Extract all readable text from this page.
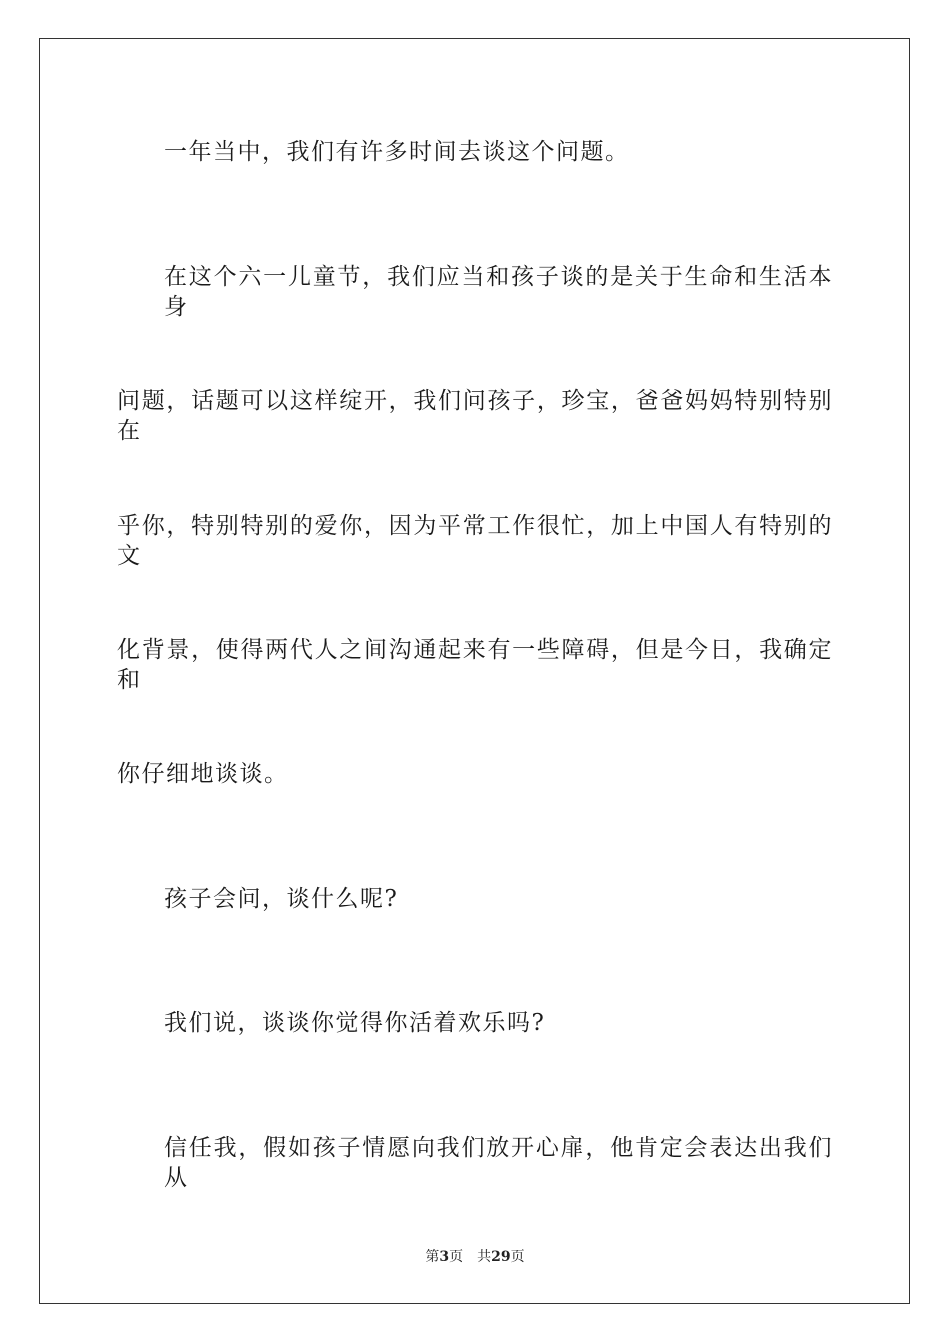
一年当中，我们有许多时间去谈这个问题。
在这个六一儿童节，我们应当和孩子谈的是关于生命和生活本身
问题，话题可以这样绽开，我们问孩子，珍宝，爸爸妈妈特别特别在
乎你，特别特别的爱你，因为平常工作很忙，加上中国人有特别的文
化背景，使得两代人之间沟通起来有一些障碍，但是今日，我确定和
你仔细地谈谈。
孩子会问，谈什么呢?
我们说，谈谈你觉得你活着欢乐吗?
信任我，假如孩子情愿向我们放开心扉，他肯定会表达出我们从
第3页 共29页
